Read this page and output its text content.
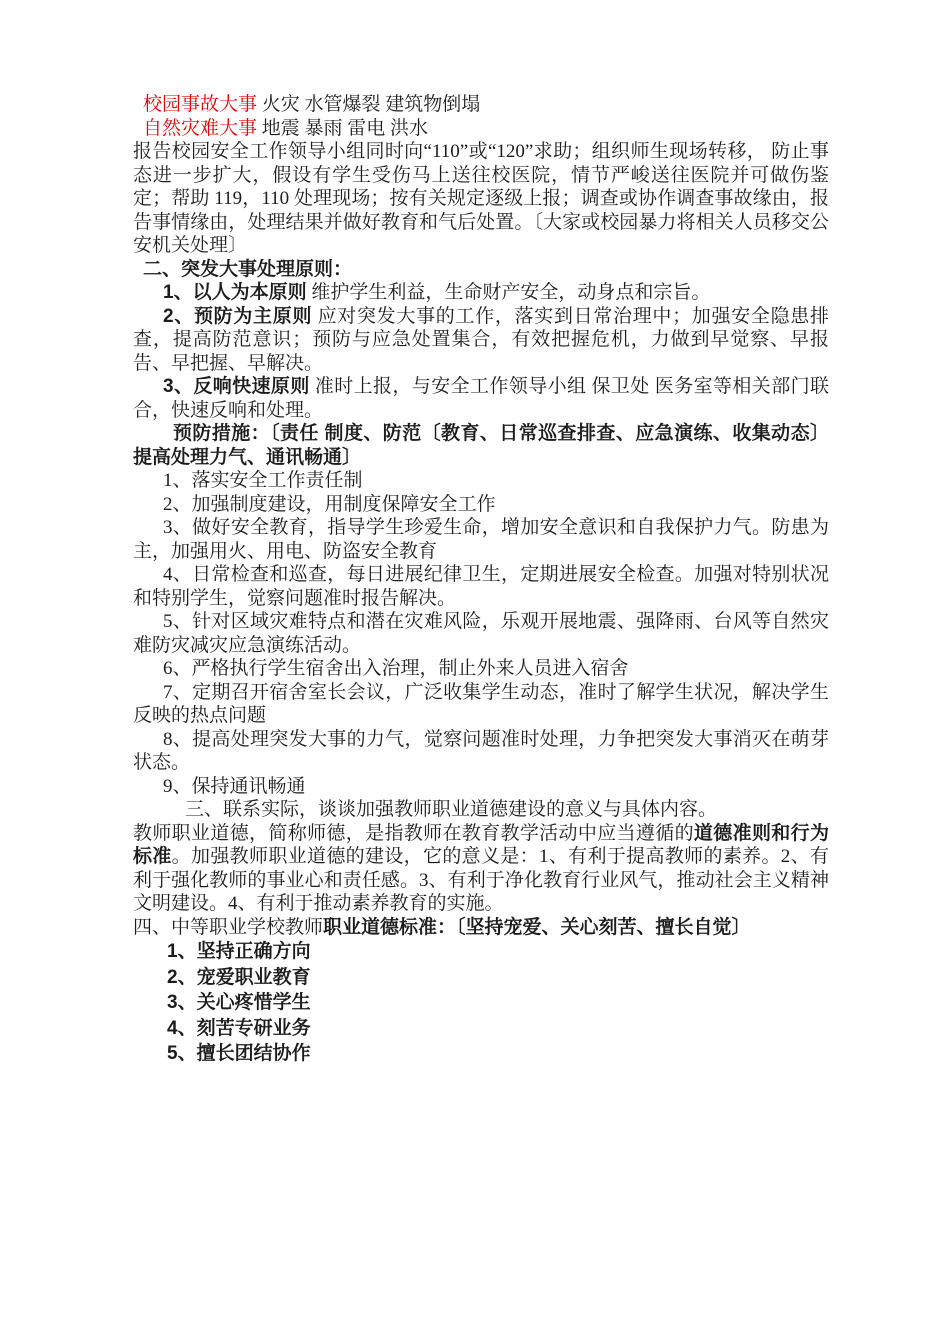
校园事故大事 火灾 水管爆裂 建筑物倒塌

自然灾难大事 地震 暴雨 雷电 洪水

报告校园安全工作领导小组同时向“110”或“120”求助；组织师生现场转移， 防止事态进一步扩大，假设有学生受伤马上送往校医院，情节严峻送往医院并可做伤鉴定；帮助 119，110 处理现场；按有关规定逐级上报；调查或协作调查事故缘由，报告事情缘由，处理结果并做好教育和气后处置。〔大家或校园暴力将相关人员移交公安机关处理〕

二、突发大事处理原则：

1、以人为本原则 维护学生利益，生命财产安全，动身点和宗旨。

2、预防为主原则 应对突发大事的工作，落实到日常治理中；加强安全隐患排查，提高防范意识；预防与应急处置集合，有效把握危机，力做到早觉察、早报告、早把握、早解决。

3、反响快速原则 准时上报，与安全工作领导小组 保卫处 医务室等相关部门联合，快速反响和处理。

预防措施：〔责任 制度、防范〔教育、日常巡查排查、应急演练、收集动态〕提高处理力气、通讯畅通〕

1、落实安全工作责任制

2、加强制度建设，用制度保障安全工作

3、做好安全教育，指导学生珍爱生命，增加安全意识和自我保护力气。防患为主，加强用火、用电、防盗安全教育

4、日常检查和巡查，每日进展纪律卫生，定期进展安全检查。加强对特别状况和特别学生，觉察问题准时报告解决。

5、针对区域灾难特点和潜在灾难风险，乐观开展地震、强降雨、台风等自然灾难防灾减灾应急演练活动。

6、严格执行学生宿舍出入治理，制止外来人员进入宿舍

7、定期召开宿舍室长会议，广泛收集学生动态，准时了解学生状况，解决学生反映的热点问题

8、提高处理突发大事的力气，觉察问题准时处理，力争把突发大事消灭在萌芽状态。

9、保持通讯畅通

三、联系实际，谈谈加强教师职业道德建设的意义与具体内容。

教师职业道德，简称师德，是指教师在教育教学活动中应当遵循的道德准则和行为标准。加强教师职业道德的建设，它的意义是：1、有利于提高教师的素养。2、有利于强化教师的事业心和责任感。3、有利于净化教育行业风气，推动社会主义精神文明建设。4、有利于推动素养教育的实施。

四、中等职业学校教师职业道德标准：〔坚持宠爱、关心刻苦、擅长自觉〕

1、坚持正确方向

2、宠爱职业教育

3、关心疼惜学生

4、刻苦专研业务

5、擅长团结协作
